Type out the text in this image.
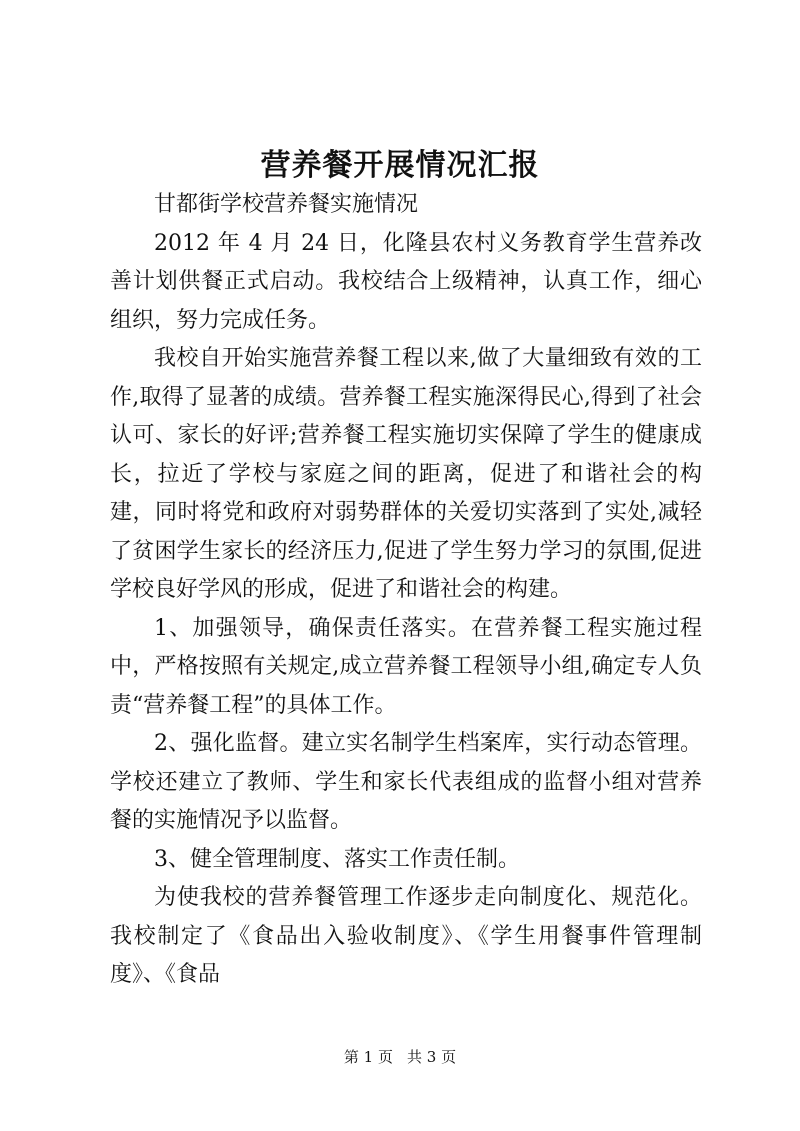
营养餐开展情况汇报

甘都街学校营养餐实施情况

2012 年 4 月 24 日，化隆县农村义务教育学生营养改善计划供餐正式启动。我校结合上级精神，认真工作，细心组织，努力完成任务。

我校自开始实施营养餐工程以来,做了大量细致有效的工作,取得了显著的成绩。营养餐工程实施深得民心,得到了社会认可、家长的好评;营养餐工程实施切实保障了学生的健康成长，拉近了学校与家庭之间的距离，促进了和谐社会的构建，同时将党和政府对弱势群体的关爱切实落到了实处,减轻了贫困学生家长的经济压力,促进了学生努力学习的氛围,促进学校良好学风的形成，促进了和谐社会的构建。

1、加强领导，确保责任落实。在营养餐工程实施过程中，严格按照有关规定,成立营养餐工程领导小组,确定专人负责“营养餐工程”的具体工作。

2、强化监督。建立实名制学生档案库，实行动态管理。学校还建立了教师、学生和家长代表组成的监督小组对营养餐的实施情况予以监督。

3、健全管理制度、落实工作责任制。

为使我校的营养餐管理工作逐步走向制度化、规范化。我校制定了《食品出入验收制度》、《学生用餐事件管理制度》、《食品

第 1 页 共 3 页
